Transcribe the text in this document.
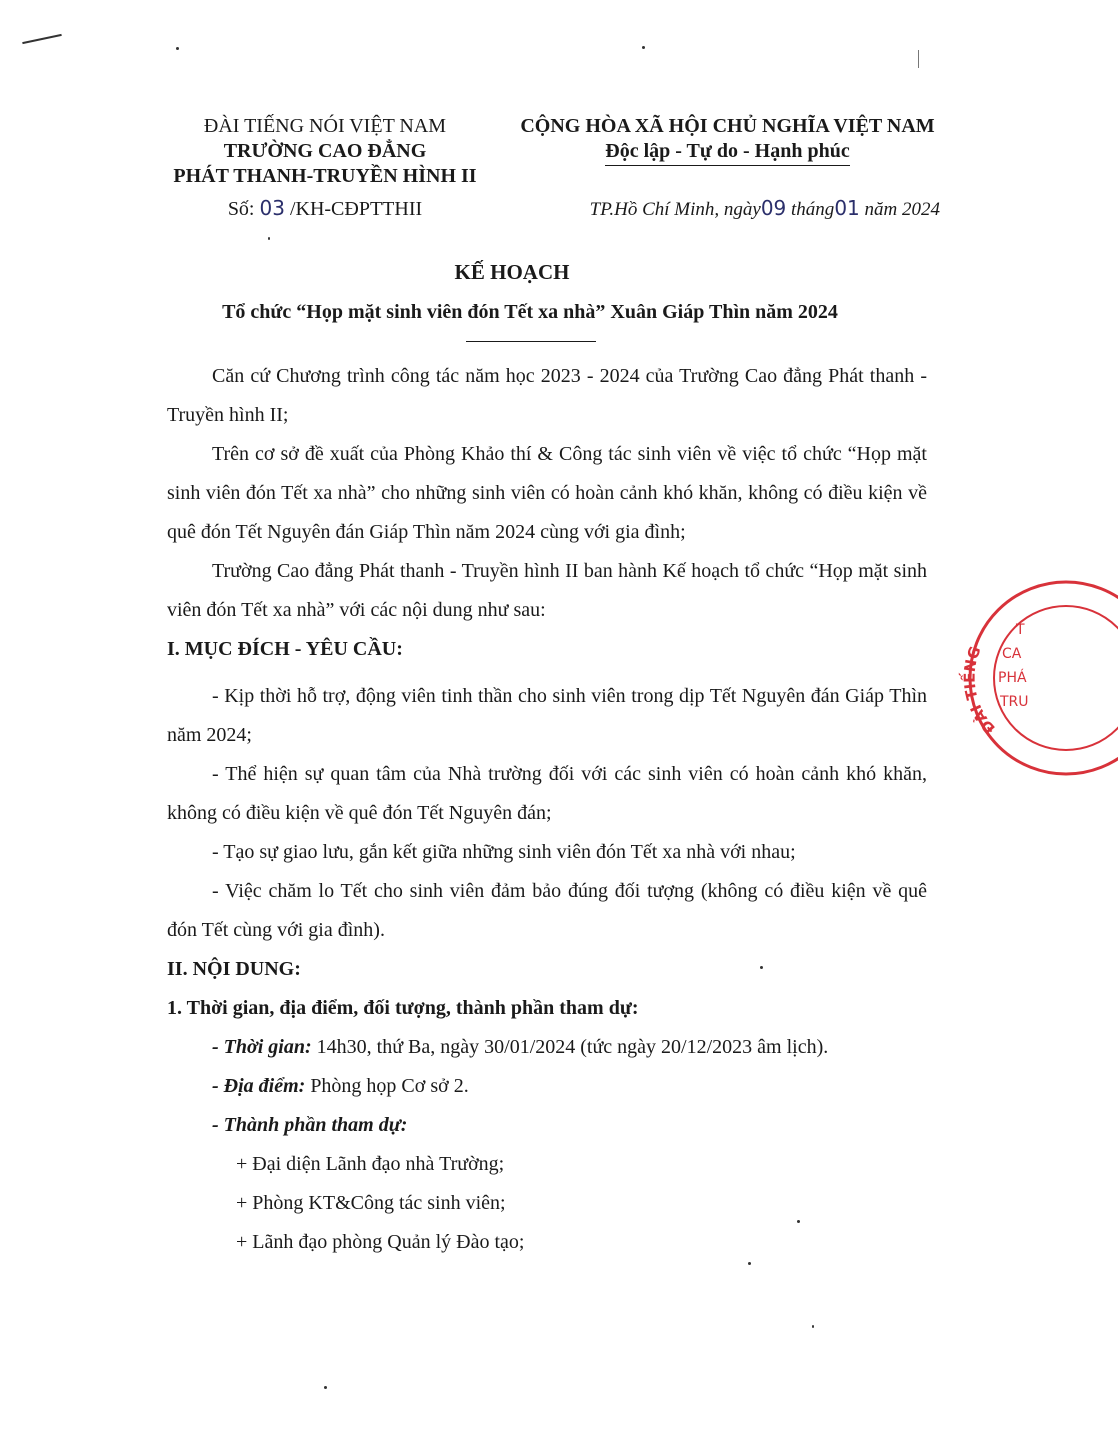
ĐÀI TIẾNG NÓI VIỆT NAM
TRƯỜNG CAO ĐẲNG
PHÁT THANH-TRUYỀN HÌNH II
Số: 03 /KH-CĐPTTHII
CỘNG HÒA XÃ HỘI CHỦ NGHĨA VIỆT NAM
Độc lập - Tự do - Hạnh phúc
TP.Hồ Chí Minh, ngày09 tháng01 năm 2024
KẾ HOẠCH
Tổ chức “Họp mặt sinh viên đón Tết xa nhà” Xuân Giáp Thìn năm 2024
Căn cứ Chương trình công tác năm học 2023 - 2024 của Trường Cao đẳng Phát thanh - Truyền hình II;
Trên cơ sở đề xuất của Phòng Khảo thí & Công tác sinh viên về việc tổ chức “Họp mặt sinh viên đón Tết xa nhà” cho những sinh viên có hoàn cảnh khó khăn, không có điều kiện về quê đón Tết Nguyên đán Giáp Thìn năm 2024 cùng với gia đình;
Trường Cao đẳng Phát thanh - Truyền hình II ban hành Kế hoạch tổ chức “Họp mặt sinh viên đón Tết xa nhà” với các nội dung như sau:
I. MỤC ĐÍCH - YÊU CẦU:
- Kịp thời hỗ trợ, động viên tinh thần cho sinh viên trong dịp Tết Nguyên đán Giáp Thìn năm 2024;
- Thể hiện sự quan tâm của Nhà trường đối với các sinh viên có hoàn cảnh khó khăn, không có điều kiện về quê đón Tết Nguyên đán;
- Tạo sự giao lưu, gắn kết giữa những sinh viên đón Tết xa nhà với nhau;
- Việc chăm lo Tết cho sinh viên đảm bảo đúng đối tượng (không có điều kiện về quê đón Tết cùng với gia đình).
II. NỘI DUNG:
1. Thời gian, địa điểm, đối tượng, thành phần tham dự:
- Thời gian: 14h30, thứ Ba, ngày 30/01/2024 (tức ngày 20/12/2023 âm lịch).
- Địa điểm: Phòng họp Cơ sở 2.
- Thành phần tham dự:
+ Đại diện Lãnh đạo nhà Trường;
+ Phòng KT&Công tác sinh viên;
+ Lãnh đạo phòng Quản lý Đào tạo;
ĐÀI TIẾNG
T
CA
PHÁ
TRU
